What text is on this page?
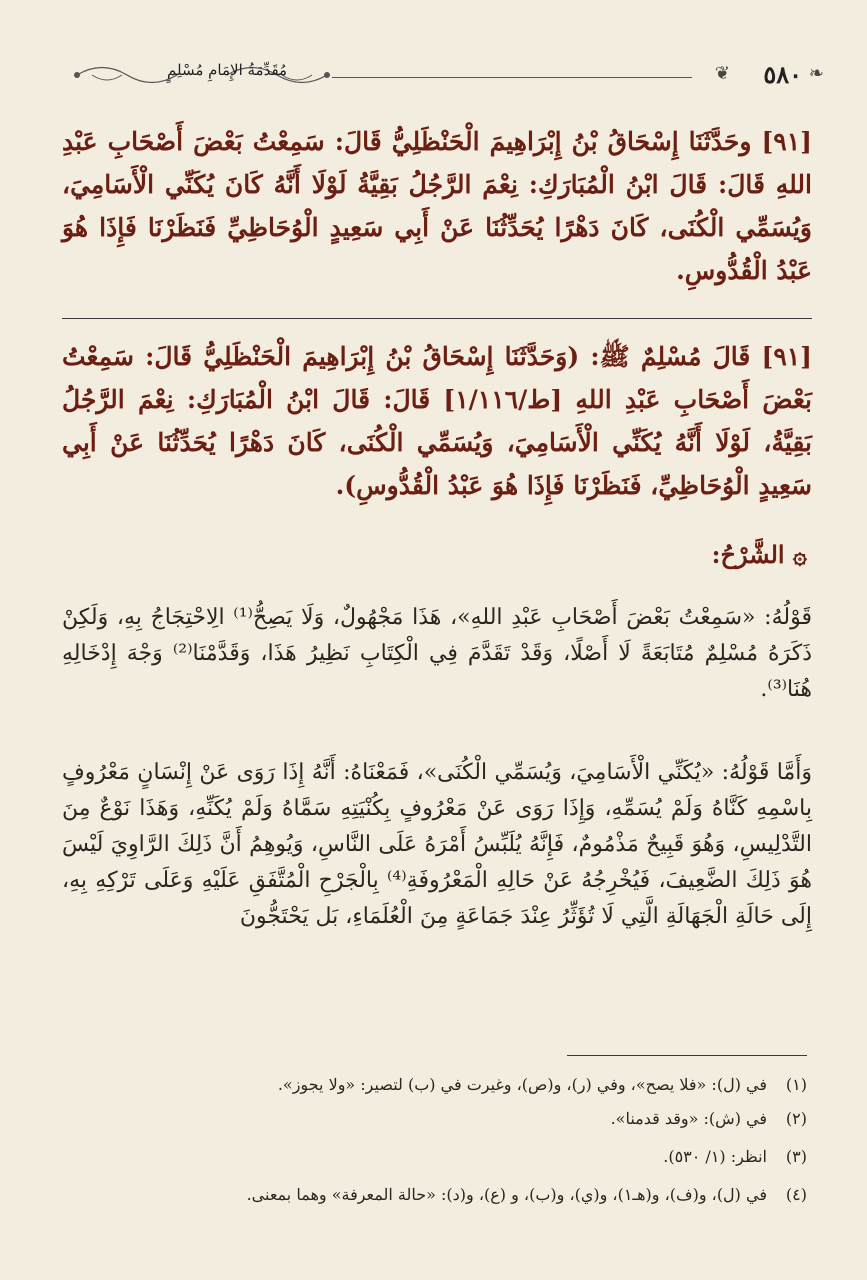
مُقَدِّمَةُ الإِمَامِ مُسْلِمٍ	❦ ٥٨٠ ❧
[٩١] وحَدَّثَنَا إِسْحَاقُ بْنُ إِبْرَاهِيمَ الْحَنْظَلِيُّ قَالَ: سَمِعْتُ بَعْضَ أَصْحَابِ عَبْدِ اللهِ قَالَ: قَالَ ابْنُ الْمُبَارَكِ: نِعْمَ الرَّجُلُ بَقِيَّةُ لَوْلَا أَنَّهُ كَانَ يُكَنِّي الْأَسَامِيَ، وَيُسَمِّي الْكُنَى، كَانَ دَهْرًا يُحَدِّثُنَا عَنْ أَبِي سَعِيدٍ الْوُحَاظِيِّ فَنَظَرْنَا فَإِذَا هُوَ عَبْدُ الْقُدُّوسِ.
[٩١] قَالَ مُسْلِمٌ ﷺ: (وَحَدَّثَنَا إِسْحَاقُ بْنُ إِبْرَاهِيمَ الْحَنْظَلِيُّ قَالَ: سَمِعْتُ بَعْضَ أَصْحَابِ عَبْدِ اللهِ [ط/١/١١٦] قَالَ: قَالَ ابْنُ الْمُبَارَكِ: نِعْمَ الرَّجُلُ بَقِيَّةُ، لَوْلَا أَنَّهُ يُكَنِّي الْأَسَامِيَ، وَيُسَمِّي الْكُنَى، كَانَ دَهْرًا يُحَدِّثُنَا عَنْ أَبِي سَعِيدٍ الْوُحَاظِيِّ، فَنَظَرْنَا فَإِذَا هُوَ عَبْدُ الْقُدُّوسِ).
۞ الشَّرْحُ:
قَوْلُهُ: «سَمِعْتُ بَعْضَ أَصْحَابِ عَبْدِ اللهِ»، هَذَا مَجْهُولٌ، وَلَا يَصِحُّ⁽¹⁾ الِاحْتِجَاجُ بِهِ، وَلَكِنْ ذَكَرَهُ مُسْلِمٌ مُتَابَعَةً لَا أَصْلًا، وَقَدْ تَقَدَّمَ فِي الْكِتَابِ نَظِيرُ هَذَا، وَقَدَّمْنَا⁽²⁾ وَجْهَ إِدْخَالِهِ هُنَا⁽³⁾.
وَأَمَّا قَوْلُهُ: «يُكَنِّي الْأَسَامِيَ، وَيُسَمِّي الْكُنَى»، فَمَعْنَاهُ: أَنَّهُ إِذَا رَوَى عَنْ إِنْسَانٍ مَعْرُوفٍ بِاسْمِهِ كَنَّاهُ وَلَمْ يُسَمِّهِ، وَإِذَا رَوَى عَنْ مَعْرُوفٍ بِكُنْيَتِهِ سَمَّاهُ وَلَمْ يُكَنِّهِ، وَهَذَا نَوْعٌ مِنَ التَّدْلِيسِ، وَهُوَ قَبِيحٌ مَذْمُومٌ، فَإِنَّهُ يُلَبِّسُ أَمْرَهُ عَلَى النَّاسِ، وَيُوهِمُ أَنَّ ذَلِكَ الرَّاوِيَ لَيْسَ هُوَ ذَلِكَ الضَّعِيفَ، فَيُخْرِجُهُ عَنْ حَالِهِ الْمَعْرُوفَةِ⁽⁴⁾ بِالْجَرْحِ الْمُتَّفَقِ عَلَيْهِ وَعَلَى تَرْكِهِ بِهِ، إِلَى حَالَةِ الْجَهَالَةِ الَّتِي لَا تُؤَثِّرُ عِنْدَ جَمَاعَةٍ مِنَ الْعُلَمَاءِ، بَل يَحْتَجُّونَ
(١)في (ل): «فلا يصح»، وفي (ر)، و(ص)، وغيرت في (ب) لتصير: «ولا يجوز».
(٢)في (ش): «وقد قدمنا».
(٣)انظر: (١/ ٥٣٠).
(٤)في (ل)، و(ف)، و(هـ١)، و(ي)، و(ب)، و (ع)، و(د): «حالة المعرفة» وهما بمعنى.
